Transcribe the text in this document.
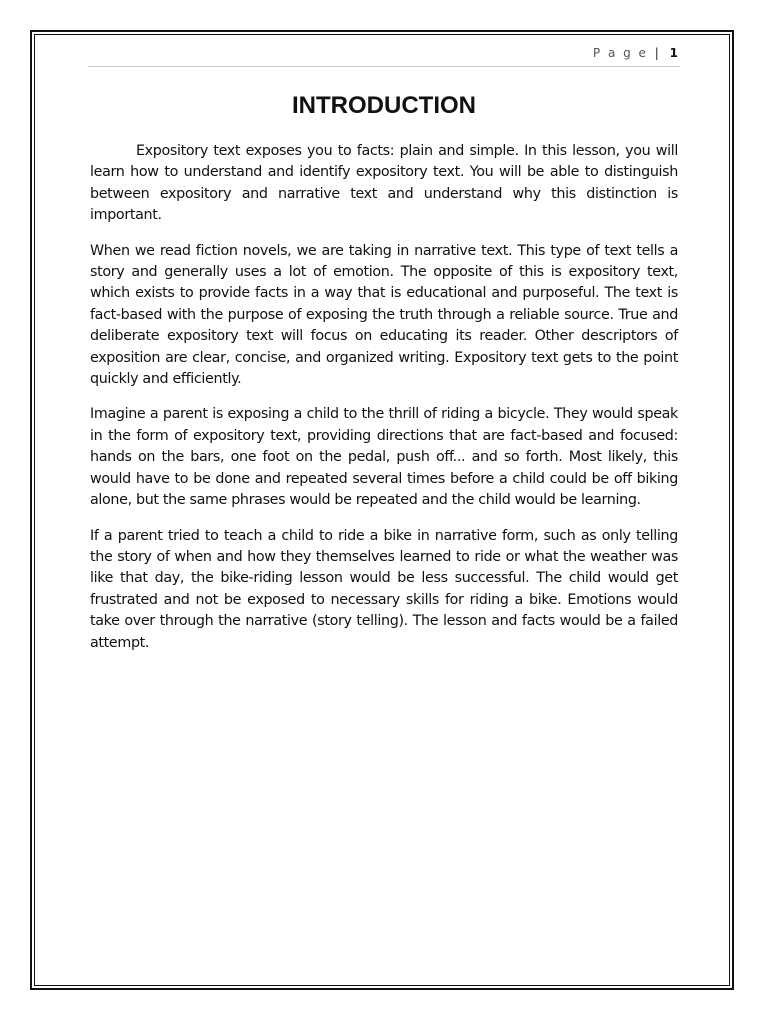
P a g e | 1
INTRODUCTION

Expository text exposes you to facts: plain and simple. In this lesson, you will learn how to understand and identify expository text. You will be able to distinguish between expository and narrative text and understand why this distinction is important.

When we read fiction novels, we are taking in narrative text. This type of text tells a story and generally uses a lot of emotion. The opposite of this is expository text, which exists to provide facts in a way that is educational and purposeful. The text is fact-based with the purpose of exposing the truth through a reliable source. True and deliberate expository text will focus on educating its reader. Other descriptors of exposition are clear, concise, and organized writing. Expository text gets to the point quickly and efficiently.

Imagine a parent is exposing a child to the thrill of riding a bicycle. They would speak in the form of expository text, providing directions that are fact-based and focused: hands on the bars, one foot on the pedal, push off... and so forth. Most likely, this would have to be done and repeated several times before a child could be off biking alone, but the same phrases would be repeated and the child would be learning.

If a parent tried to teach a child to ride a bike in narrative form, such as only telling the story of when and how they themselves learned to ride or what the weather was like that day, the bike-riding lesson would be less successful. The child would get frustrated and not be exposed to necessary skills for riding a bike. Emotions would take over through the narrative (story telling). The lesson and facts would be a failed attempt.
